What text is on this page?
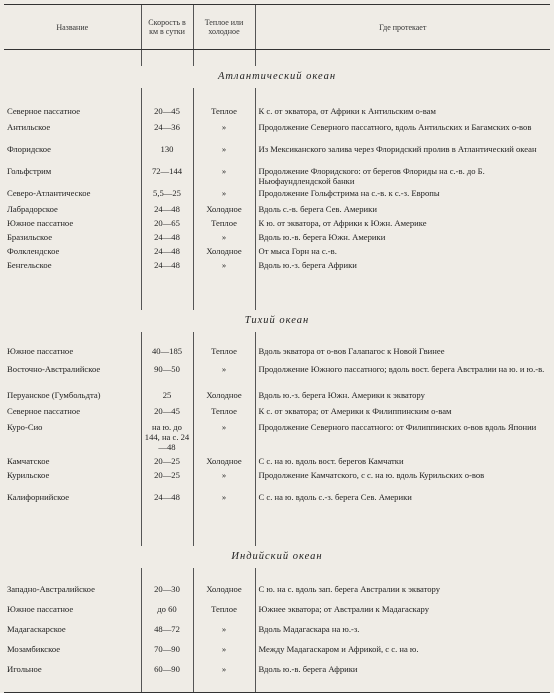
Название	Скорость в км в сутки	Теплое или холодное	Где протекает

Атлантический океан			

Северное пассатное	20—45	Теплое	К с. от экватора, от Африки к Антильским о-вам
Антильское	24—36	»	Продолжение Северного пассатного, вдоль Антильских и Багамских о-вов
Флоридское	130	»	Из Мексиканского залива через Флоридский пролив в Атлантический океан
Гольфстрим	72—144	»	Продолжение Флоридского: от берегов Флориды на с.-в. до Б. Ньюфаундлендской банки
Северо-Атлантическое	5,5—25	»	Продолжение Гольфстрима на с.-в. к с.-з. Европы
Лабрадорское	24—48	Холодное	Вдоль с.-в. берега Сев. Америки
Южное пассатное	20—65	Теплое	К ю. от экватора, от Африки к Южн. Америке
Бразильское	24—48	»	Вдоль ю.-в. берега Южн. Америки
Фолклендское	24—48	Холодное	От мыса Горн на с.-в.
Бенгельское	24—48	»	Вдоль ю.-з. берега Африки

Тихий океан			

Южное пассатное	40—185	Теплое	Вдоль экватора от о-вов Галапагос к Новой Гвинее
Восточно-Австралийское	90—50	»	Продолжение Южного пассатного; вдоль вост. берега Австралии на ю. и ю.-в.
Перуанское (Гумбольдта)	25	Холодное	Вдоль ю.-з. берега Южн. Америки к экватору
Северное пассатное	20—45	Теплое	К с. от экватора; от Америки к Филиппинским о-вам
Куро-Сио	на ю. до 144, на с. 24—48	»	Продолжение Северного пассатного: от Филиппинских о-вов вдоль Японии
Камчатское	20—25	Холодное	С с. на ю. вдоль вост. берегов Камчатки
Курильское	20—25	»	Продолжение Камчатского, с с. на ю. вдоль Курильских о-вов
Калифорнийское	24—48	»	С с. на ю. вдоль с.-з. берега Сев. Америки

Индийский океан			

Западно-Австралийское	20—30	Холодное	С ю. на с. вдоль зап. берега Австралии к экватору
Южное пассатное	до 60	Теплое	Южнее экватора; от Австралии к Мадагаскару
Мадагаскарское	48—72	»	Вдоль Мадагаскара на ю.-з.
Мозамбикское	70—90	»	Между Мадагаскаром и Африкой, с с. на ю.
Игольное	60—90	»	Вдоль ю.-в. берега Африки
